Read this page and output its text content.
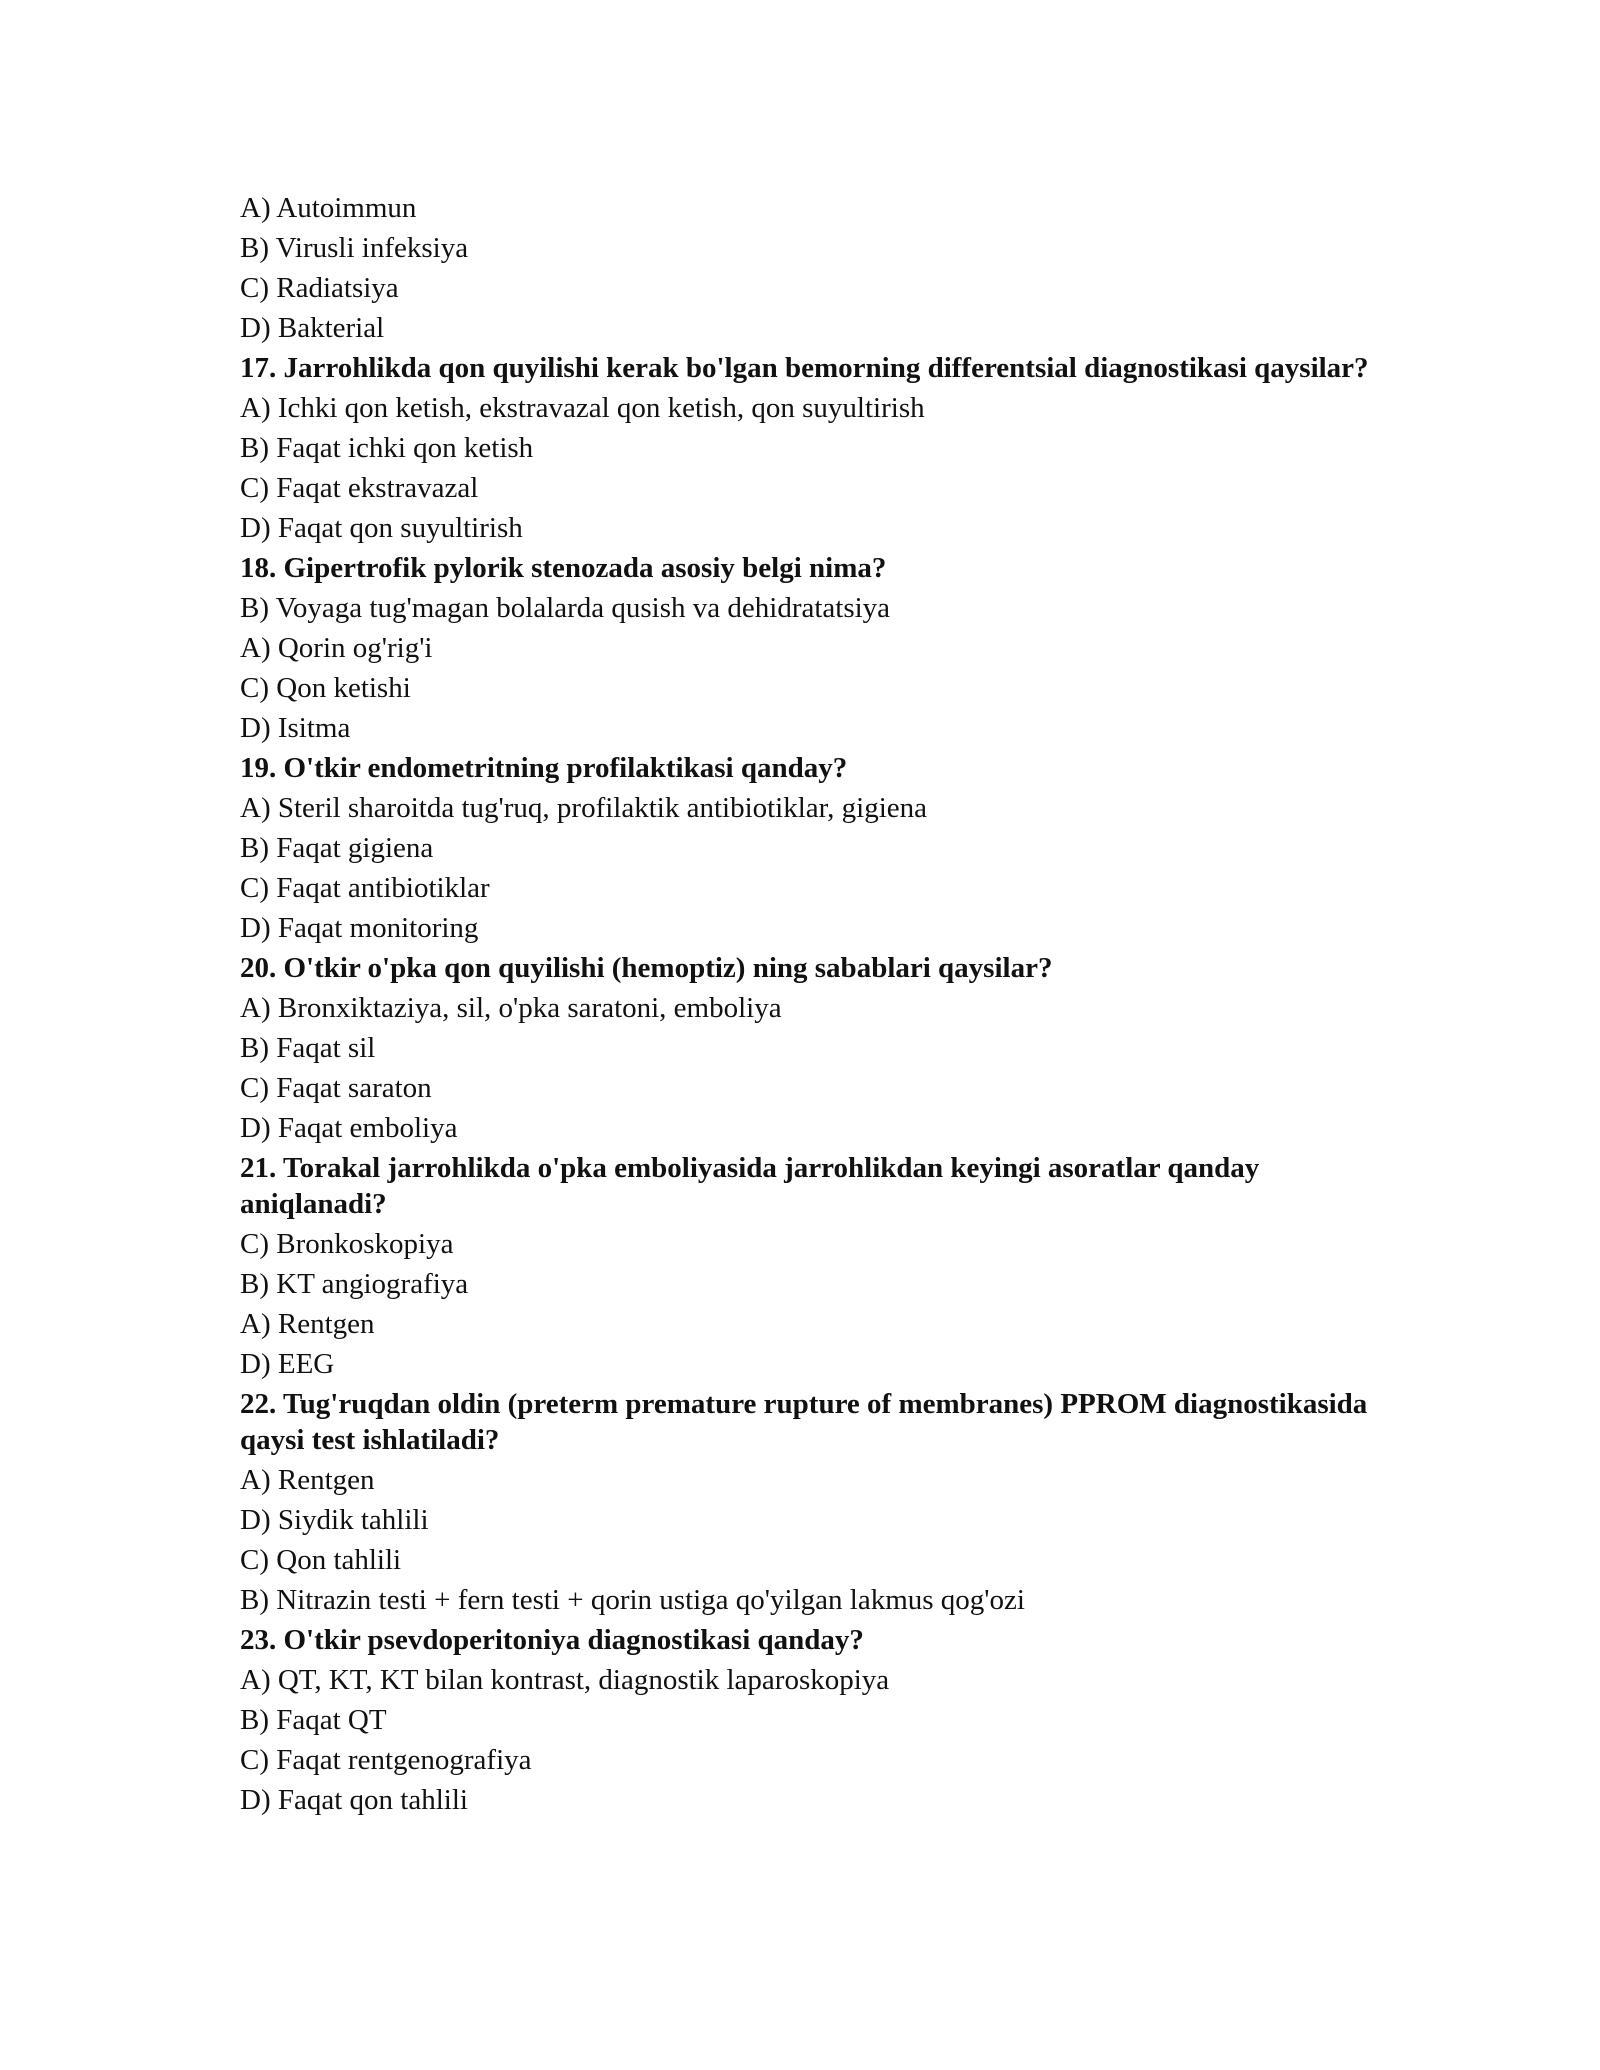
A) Autoimmun
B) Virusli infeksiya
C) Radiatsiya
D) Bakterial
17. Jarrohlikda qon quyilishi kerak bo'lgan bemorning differentsial diagnostikasi qaysilar?
A) Ichki qon ketish, ekstravazal qon ketish, qon suyultirish
B) Faqat ichki qon ketish
C) Faqat ekstravazal
D) Faqat qon suyultirish
18. Gipertrofik pylorik stenozada asosiy belgi nima?
B) Voyaga tug'magan bolalarda qusish va dehidratatsiya
A) Qorin og'rig'i
C) Qon ketishi
D) Isitma
19. O'tkir endometritning profilaktikasi qanday?
A) Steril sharoitda tug'ruq, profilaktik antibiotiklar, gigiena
B) Faqat gigiena
C) Faqat antibiotiklar
D) Faqat monitoring
20. O'tkir o'pka qon quyilishi (hemoptiz) ning sabablari qaysilar?
A) Bronxiktaziya, sil, o'pka saratoni, emboliya
B) Faqat sil
C) Faqat saraton
D) Faqat emboliya
21. Torakal jarrohlikda o'pka emboliyasida jarrohlikdan keyingi asoratlar qanday aniqlanadi?
C) Bronkoskopiya
B) KT angiografiya
A) Rentgen
D) EEG
22. Tug'ruqdan oldin (preterm premature rupture of membranes) PPROM diagnostikasida qaysi test ishlatiladi?
A) Rentgen
D) Siydik tahlili
C) Qon tahlili
B) Nitrazin testi + fern testi + qorin ustiga qo'yilgan lakmus qog'ozi
23. O'tkir psevdoperitoniya diagnostikasi qanday?
A) QT, KT, KT bilan kontrast, diagnostik laparoskopiya
B) Faqat QT
C) Faqat rentgenografiya
D) Faqat qon tahlili
